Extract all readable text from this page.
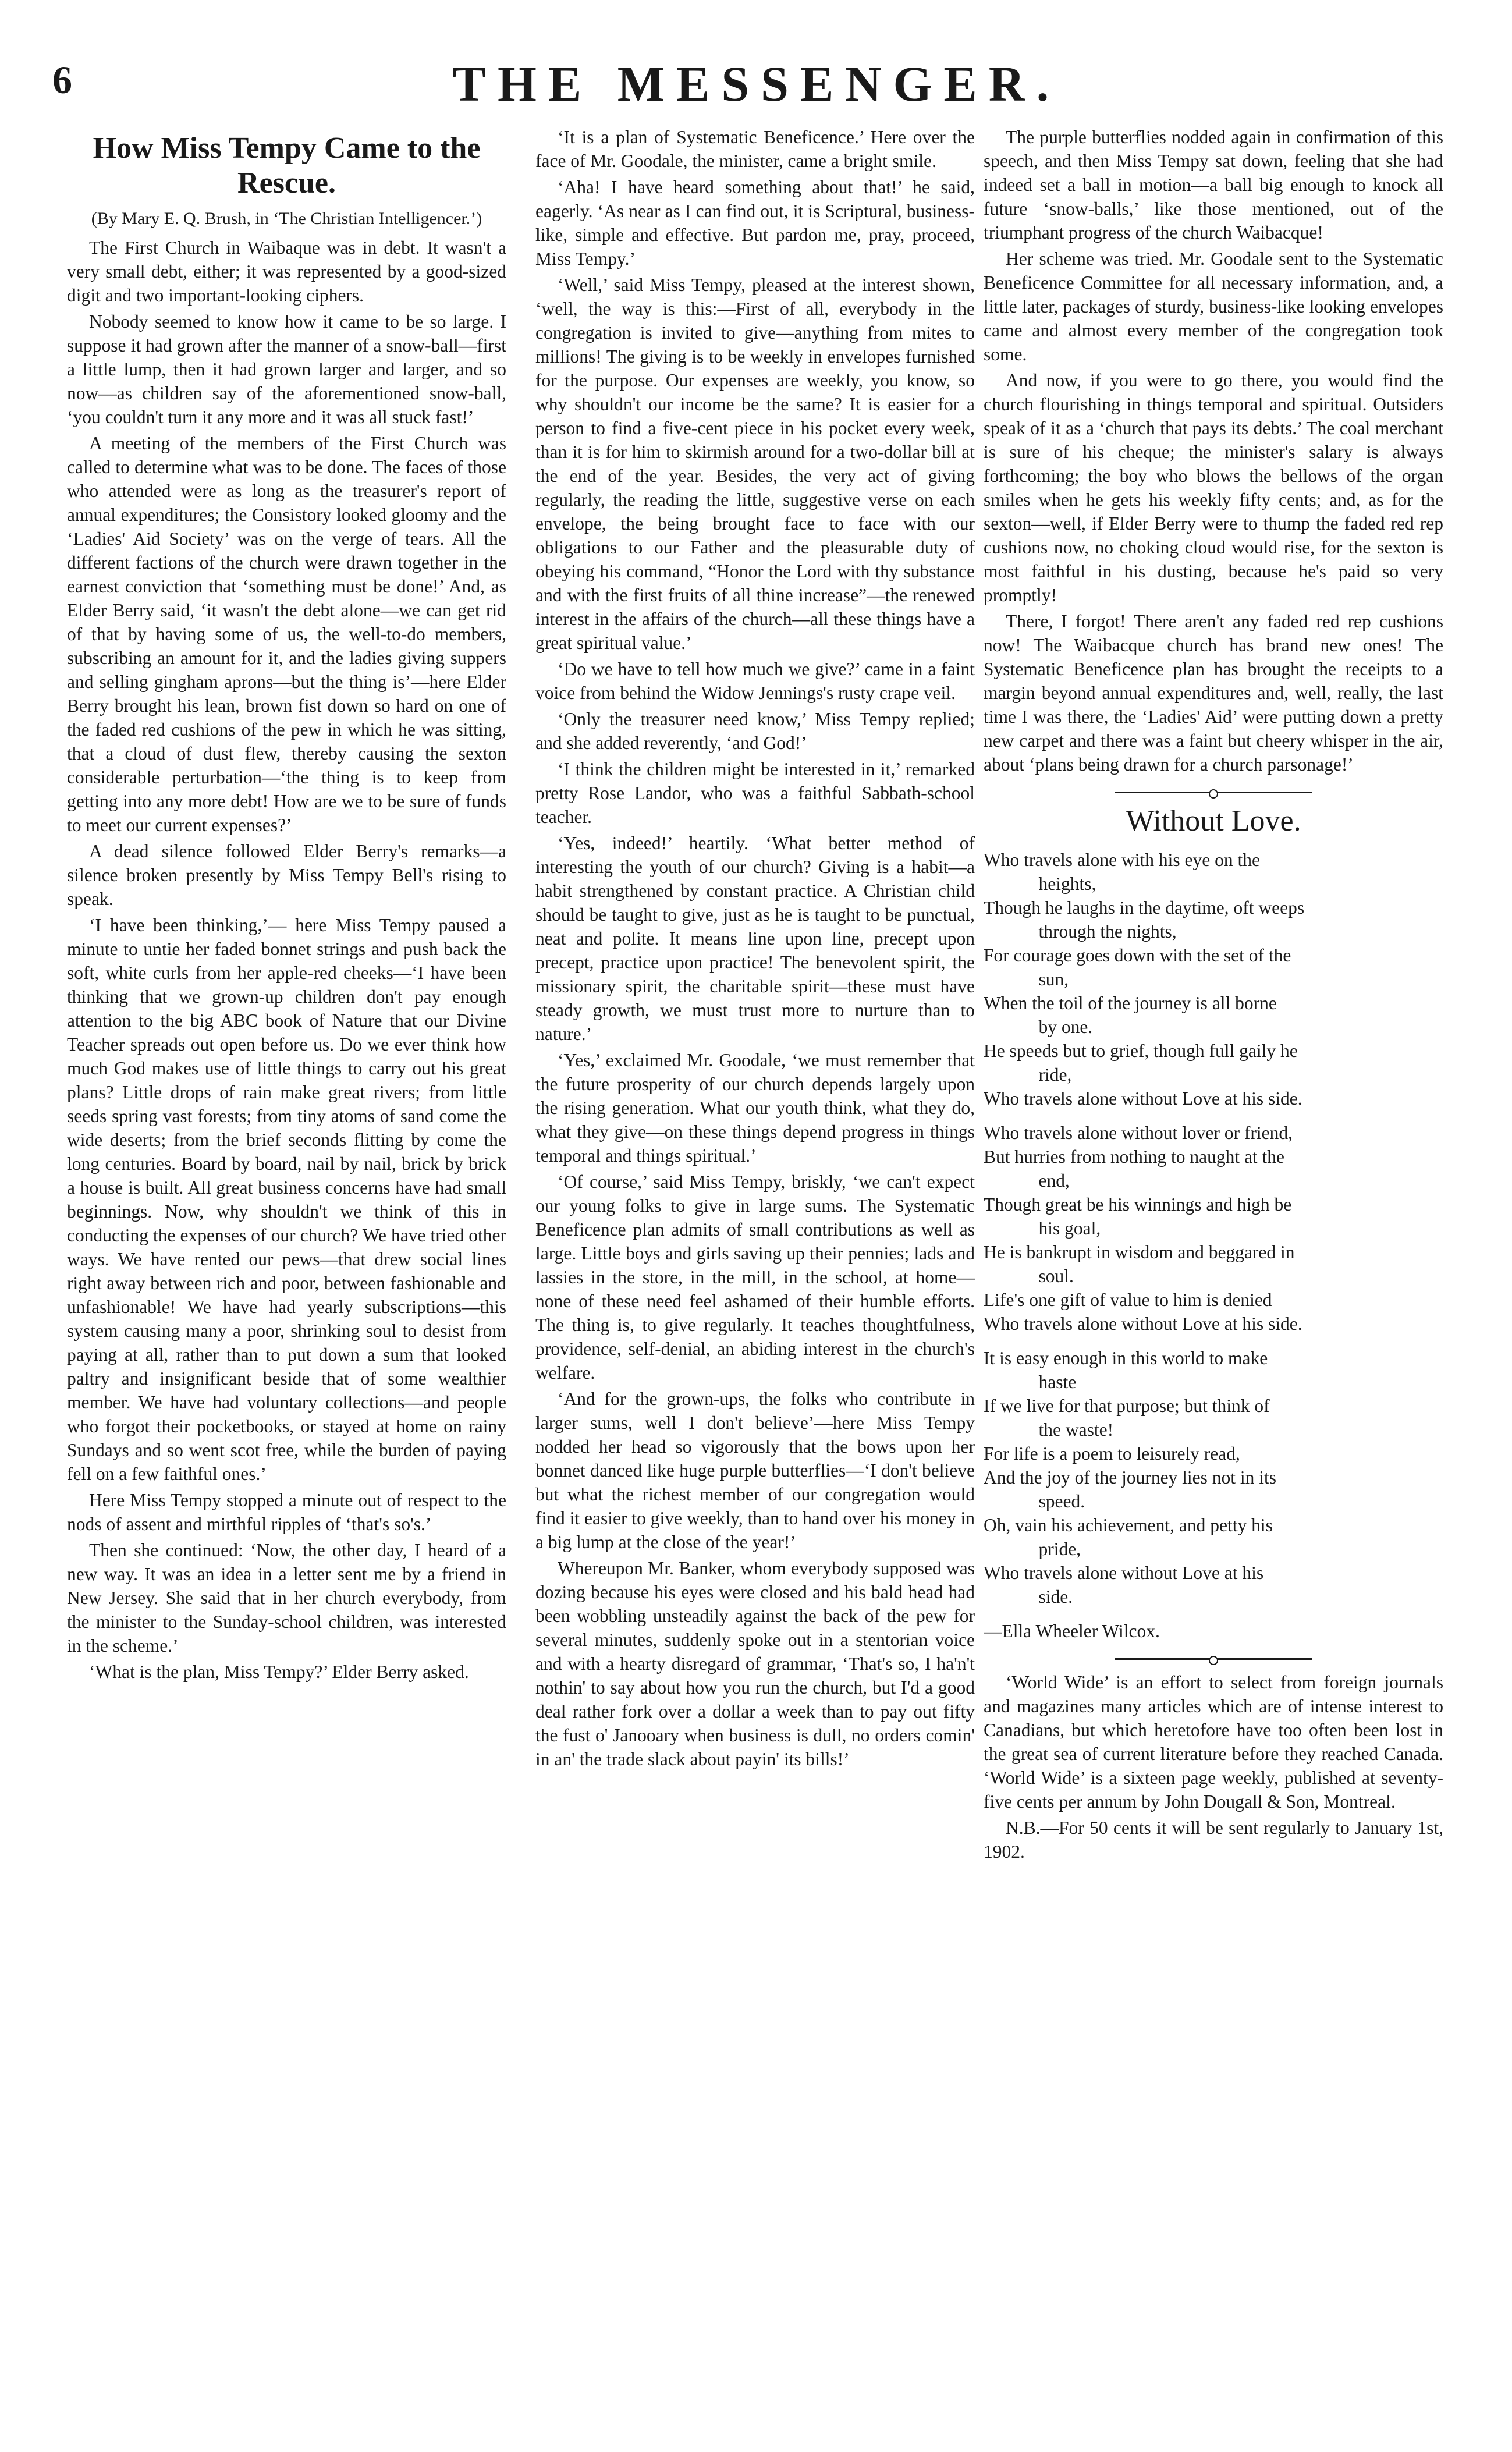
6	THE MESSENGER.
How Miss Tempy Came to the Rescue.
(By Mary E. Q. Brush, in ‘The Christian Intelligencer.’)

The First Church in Waibaque was in debt. It wasn't a very small debt, either; it was represented by a good-sized digit and two important-looking ciphers.

Nobody seemed to know how it came to be so large. I suppose it had grown after the manner of a snow-ball—first a little lump, then it had grown larger and larger, and so now—as children say of the aforementioned snow-ball, ‘you couldn't turn it any more and it was all stuck fast!’

A meeting of the members of the First Church was called to determine what was to be done. The faces of those who attended were as long as the treasurer's report of annual expenditures; the Consistory looked gloomy and the ‘Ladies' Aid Society’ was on the verge of tears. All the different factions of the church were drawn together in the earnest conviction that ‘something must be done!’ And, as Elder Berry said, ‘it wasn't the debt alone—we can get rid of that by having some of us, the well-to-do members, subscribing an amount for it, and the ladies giving suppers and selling gingham aprons—but the thing is’—here Elder Berry brought his lean, brown fist down so hard on one of the faded red cushions of the pew in which he was sitting, that a cloud of dust flew, thereby causing the sexton considerable perturbation—‘the thing is to keep from getting into any more debt! How are we to be sure of funds to meet our current expenses?’

A dead silence followed Elder Berry's remarks—a silence broken presently by Miss Tempy Bell's rising to speak.

‘I have been thinking,’— here Miss Tempy paused a minute to untie her faded bonnet strings and push back the soft, white curls from her apple-red cheeks—‘I have been thinking that we grown-up children don't pay enough attention to the big ABC book of Nature that our Divine Teacher spreads out open before us. Do we ever think how much God makes use of little things to carry out his great plans? Little drops of rain make great rivers; from little seeds spring vast forests; from tiny atoms of sand come the wide deserts; from the brief seconds flitting by come the long centuries. Board by board, nail by nail, brick by brick a house is built. All great business concerns have had small beginnings. Now, why shouldn't we think of this in conducting the expenses of our church? We have tried other ways. We have rented our pews—that drew social lines right away between rich and poor, between fashionable and unfashionable! We have had yearly subscriptions—this system causing many a poor, shrinking soul to desist from paying at all, rather than to put down a sum that looked paltry and insignificant beside that of some wealthier member. We have had voluntary collections—and people who forgot their pocketbooks, or stayed at home on rainy Sundays and so went scot free, while the burden of paying fell on a few faithful ones.’

Here Miss Tempy stopped a minute out of respect to the nods of assent and mirthful ripples of ‘that's so's.’

Then she continued: ‘Now, the other day, I heard of a new way. It was an idea in a letter sent me by a friend in New Jersey. She said that in her church everybody, from the minister to the Sunday-school children, was interested in the scheme.’

‘What is the plan, Miss Tempy?’ Elder Berry asked.

‘It is a plan of Systematic Beneficence.’ Here over the face of Mr. Goodale, the minister, came a bright smile.

‘Aha! I have heard something about that!’ he said, eagerly. ‘As near as I can find out, it is Scriptural, business-like, simple and effective. But pardon me, pray, proceed, Miss Tempy.’

‘Well,’ said Miss Tempy, pleased at the interest shown, ‘well, the way is this:—First of all, everybody in the congregation is invited to give—anything from mites to millions! The giving is to be weekly in envelopes furnished for the purpose. Our expenses are weekly, you know, so why shouldn't our income be the same? It is easier for a person to find a five-cent piece in his pocket every week, than it is for him to skirmish around for a two-dollar bill at the end of the year. Besides, the very act of giving regularly, the reading the little, suggestive verse on each envelope, the being brought face to face with our obligations to our Father and the pleasurable duty of obeying his command, “Honor the Lord with thy substance and with the first fruits of all thine increase”—the renewed interest in the affairs of the church—all these things have a great spiritual value.’

‘Do we have to tell how much we give?’ came in a faint voice from behind the Widow Jennings's rusty crape veil.

‘Only the treasurer need know,’ Miss Tempy replied; and she added reverently, ‘and God!’

‘I think the children might be interested in it,’ remarked pretty Rose Landor, who was a faithful Sabbath-school teacher.

‘Yes, indeed!’ heartily. ‘What better method of interesting the youth of our church? Giving is a habit—a habit strengthened by constant practice. A Christian child should be taught to give, just as he is taught to be punctual, neat and polite. It means line upon line, precept upon precept, practice upon practice! The benevolent spirit, the missionary spirit, the charitable spirit—these must have steady growth, we must trust more to nurture than to nature.’

‘Yes,’ exclaimed Mr. Goodale, ‘we must remember that the future prosperity of our church depends largely upon the rising generation. What our youth think, what they do, what they give—on these things depend progress in things temporal and things spiritual.’

‘Of course,’ said Miss Tempy, briskly, ‘we can't expect our young folks to give in large sums. The Systematic Beneficence plan admits of small contributions as well as large. Little boys and girls saving up their pennies; lads and lassies in the store, in the mill, in the school, at home—none of these need feel ashamed of their humble efforts. The thing is, to give regularly. It teaches thoughtfulness, providence, self-denial, an abiding interest in the church's welfare.

‘And for the grown-ups, the folks who contribute in larger sums, well I don't believe’—here Miss Tempy nodded her head so vigorously that the bows upon her bonnet danced like huge purple butterflies—‘I don't believe but what the richest member of our congregation would find it easier to give weekly, than to hand over his money in a big lump at the close of the year!’

Whereupon Mr. Banker, whom everybody supposed was dozing because his eyes were closed and his bald head had been wobbling unsteadily against the back of the pew for several minutes, suddenly spoke out in a stentorian voice and with a hearty disregard of grammar, ‘That's so, I ha'n't nothin' to say about how you run the church, but I'd a good deal rather fork over a dollar a week than to pay out fifty the fust o' Janooary when business is dull, no orders comin' in an' the trade slack about payin' its bills!’

The purple butterflies nodded again in confirmation of this speech, and then Miss Tempy sat down, feeling that she had indeed set a ball in motion—a ball big enough to knock all future ‘snow-balls,’ like those mentioned, out of the triumphant progress of the church Waibacque!

Her scheme was tried. Mr. Goodale sent to the Systematic Beneficence Committee for all necessary information, and, a little later, packages of sturdy, business-like looking envelopes came and almost every member of the congregation took some.

And now, if you were to go there, you would find the church flourishing in things temporal and spiritual. Outsiders speak of it as a ‘church that pays its debts.’ The coal merchant is sure of his cheque; the minister's salary is always forthcoming; the boy who blows the bellows of the organ smiles when he gets his weekly fifty cents; and, as for the sexton—well, if Elder Berry were to thump the faded red rep cushions now, no choking cloud would rise, for the sexton is most faithful in his dusting, because he's paid so very promptly!

There, I forgot! There aren't any faded red rep cushions now! The Waibacque church has brand new ones! The Systematic Beneficence plan has brought the receipts to a margin beyond annual expenditures and, well, really, the last time I was there, the ‘Ladies' Aid’ were putting down a pretty new carpet and there was a faint but cheery whisper in the air, about ‘plans being drawn for a church parsonage!’

Without Love.
Who travels alone with his eye on the
heights,
Though he laughs in the daytime, oft weeps
through the nights,
For courage goes down with the set of the
sun,
When the toil of the journey is all borne
by one.
He speeds but to grief, though full gaily he
ride,
Who travels alone without Love at his side.
Who travels alone without lover or friend,
But hurries from nothing to naught at the
end,
Though great be his winnings and high be
his goal,
He is bankrupt in wisdom and beggared in
soul.
Life's one gift of value to him is denied
Who travels alone without Love at his side.
It is easy enough in this world to make
haste
If we live for that purpose; but think of
the waste!
For life is a poem to leisurely read,
And the joy of the journey lies not in its
speed.
Oh, vain his achievement, and petty his
pride,
Who travels alone without Love at his
side.
—Ella Wheeler Wilcox.

‘World Wide’ is an effort to select from foreign journals and magazines many articles which are of intense interest to Canadians, but which heretofore have too often been lost in the great sea of current literature before they reached Canada. ‘World Wide’ is a sixteen page weekly, published at seventy-five cents per annum by John Dougall & Son, Montreal.

N.B.—For 50 cents it will be sent regularly to January 1st, 1902.
